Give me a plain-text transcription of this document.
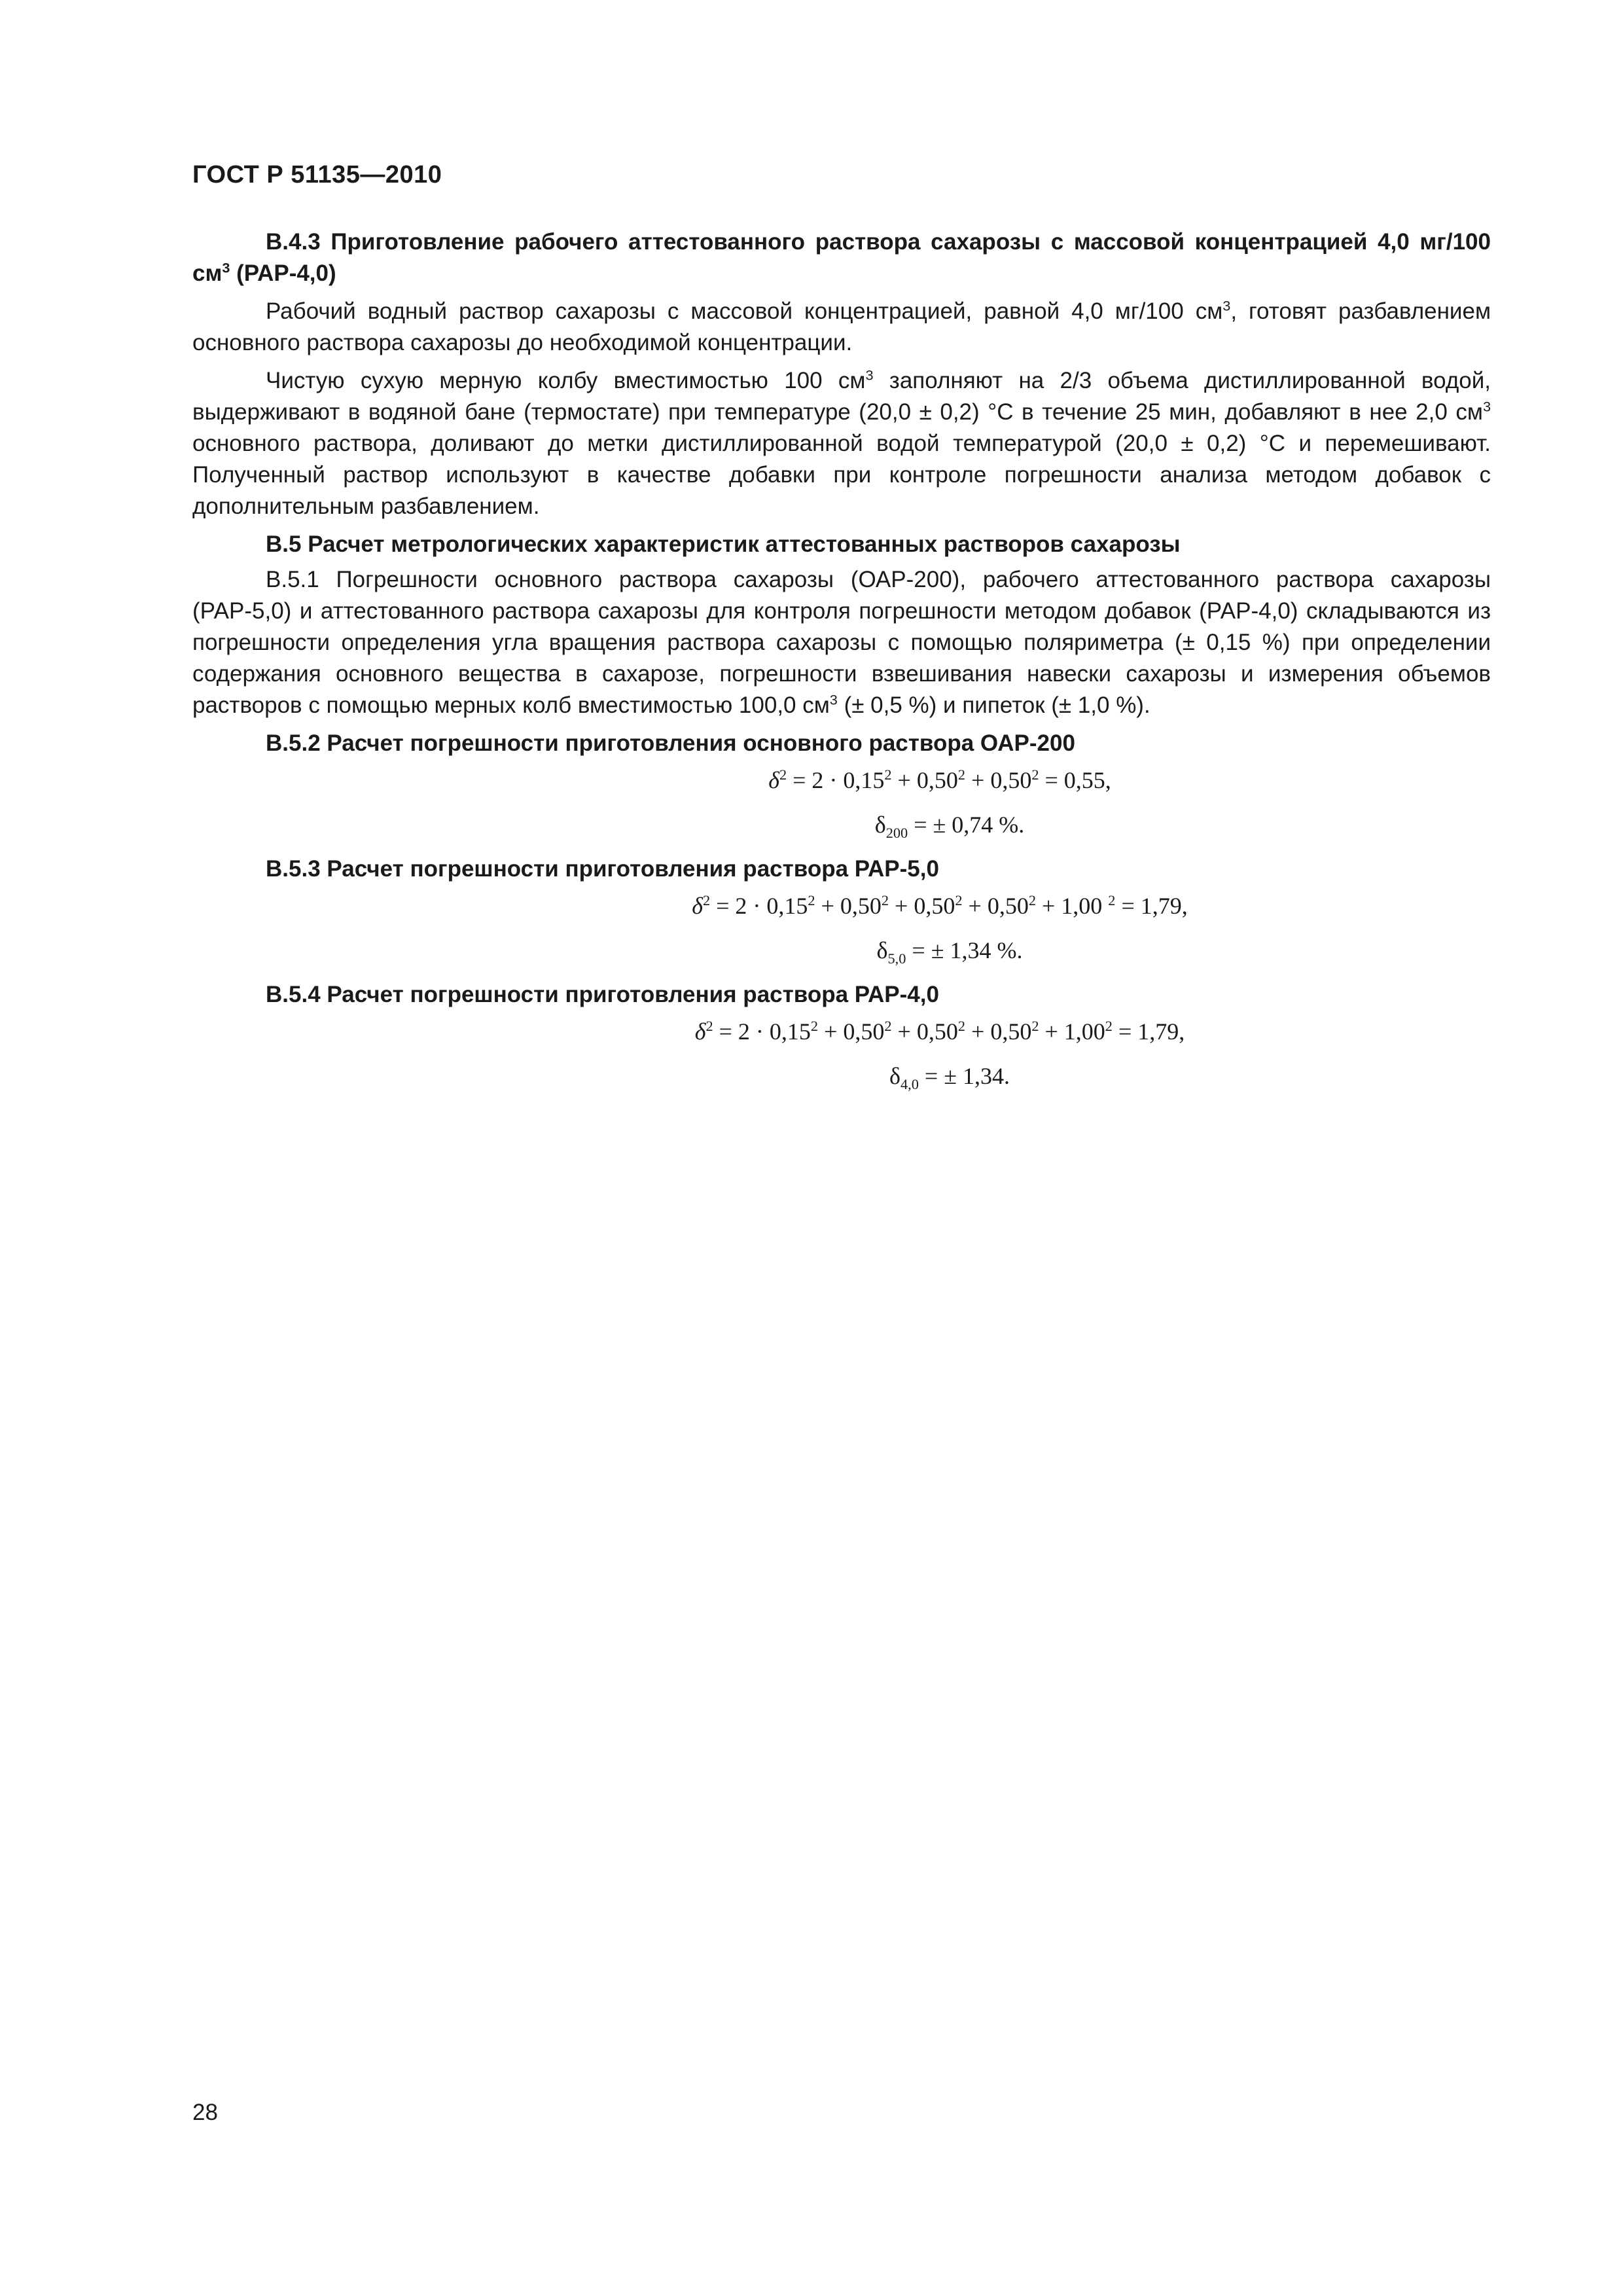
ГОСТ Р 51135—2010

В.4.3 Приготовление рабочего аттестованного раствора сахарозы с массовой концентрацией 4,0 мг/100 $см^3$ (РАР-4,0)

Рабочий водный раствор сахарозы с массовой концентрацией, равной 4,0 мг/100 $см^3$, готовят разбавлением основного раствора сахарозы до необходимой концентрации.

Чистую сухую мерную колбу вместимостью 100 $см^3$ заполняют на 2/3 объема дистиллированной водой, выдерживают в водяной бане (термостате) при температуре (20,0 ± 0,2) °С в течение 25 мин, добавляют в нее 2,0 $см^3$ основного раствора, доливают до метки дистиллированной водой температурой (20,0 ± 0,2) °С и перемешивают. Полученный раствор используют в качестве добавки при контроле погрешности анализа методом добавок с дополнительным разбавлением.

В.5 Расчет метрологических характеристик аттестованных растворов сахарозы

В.5.1 Погрешности основного раствора сахарозы (ОАР-200), рабочего аттестованного раствора сахарозы (РАР-5,0) и аттестованного раствора сахарозы для контроля погрешности методом добавок (РАР-4,0) складываются из погрешности определения угла вращения раствора сахарозы с помощью поляриметра (± 0,15 %) при определении содержания основного вещества в сахарозе, погрешности взвешивания навески сахарозы и измерения объемов растворов с помощью мерных колб вместимостью 100,0 $см^3$ (± 0,5 %) и пипеток (± 1,0 %).

В.5.2 Расчет погрешности приготовления основного раствора ОАР-200

$\delta^2 = 2 \cdot 0,15^2 + 0,50^2 + 0,50^2 = 0,55$,
$\delta_{200}$ = ± 0,74 %.

В.5.3 Расчет погрешности приготовления раствора РАР-5,0

$\delta^2 = 2 \cdot 0,15^2 + 0,50^2 + 0,50^2 + 0,50^2 + 1,00$ $^2$ = 1,79,
$\delta_{5,0}$ = ± 1,34 %.

В.5.4 Расчет погрешности приготовления раствора РАР-4,0

$\delta^2 = 2 \cdot 0,15^2 + 0,50^2 + 0,50^2 + 0,50^2 + 1,00^2 = 1,79$,
$\delta_{4,0}$ = ± 1,34.
28
